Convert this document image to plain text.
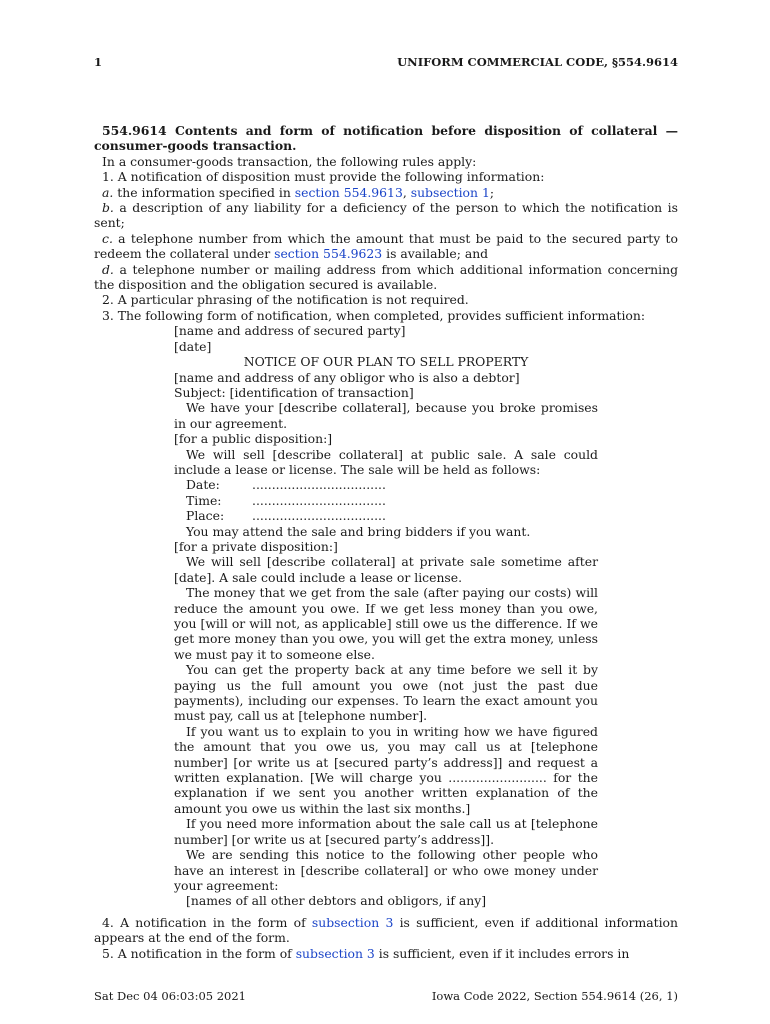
1	UNIFORM COMMERCIAL CODE, §554.9614

554.9614 Contents and form of notification before disposition of collateral — consumer-goods transaction.

In a consumer-goods transaction, the following rules apply:

1. A notification of disposition must provide the following information:

a. the information specified in section 554.9613, subsection 1;

b. a description of any liability for a deficiency of the person to which the notification is sent;

c. a telephone number from which the amount that must be paid to the secured party to redeem the collateral under section 554.9623 is available; and

d. a telephone number or mailing address from which additional information concerning the disposition and the obligation secured is available.

2. A particular phrasing of the notification is not required.

3. The following form of notification, when completed, provides sufficient information:

[name and address of secured party]

[date]

NOTICE OF OUR PLAN TO SELL PROPERTY

[name and address of any obligor who is also a debtor]

Subject: [identification of transaction]

We have your [describe collateral], because you broke promises in our agreement.

[for a public disposition:]

We will sell [describe collateral] at public sale. A sale could include a lease or license. The sale will be held as follows:

Date:	..................................
Time:	..................................
Place:	..................................

You may attend the sale and bring bidders if you want.

[for a private disposition:]

We will sell [describe collateral] at private sale sometime after [date]. A sale could include a lease or license.

The money that we get from the sale (after paying our costs) will reduce the amount you owe. If we get less money than you owe, you [will or will not, as applicable] still owe us the difference. If we get more money than you owe, you will get the extra money, unless we must pay it to someone else.

You can get the property back at any time before we sell it by paying us the full amount you owe (not just the past due payments), including our expenses. To learn the exact amount you must pay, call us at [telephone number].

If you want us to explain to you in writing how we have figured the amount that you owe us, you may call us at [telephone number] [or write us at [secured party’s address]] and request a written explanation. [We will charge you ......................... for the explanation if we sent you another written explanation of the amount you owe us within the last six months.]

If you need more information about the sale call us at [telephone number] [or write us at [secured party’s address]].

We are sending this notice to the following other people who have an interest in [describe collateral] or who owe money under your agreement:

[names of all other debtors and obligors, if any]

4. A notification in the form of subsection 3 is sufficient, even if additional information appears at the end of the form.

5. A notification in the form of subsection 3 is sufficient, even if it includes errors in

Sat Dec 04 06:03:05 2021	Iowa Code 2022, Section 554.9614 (26, 1)
